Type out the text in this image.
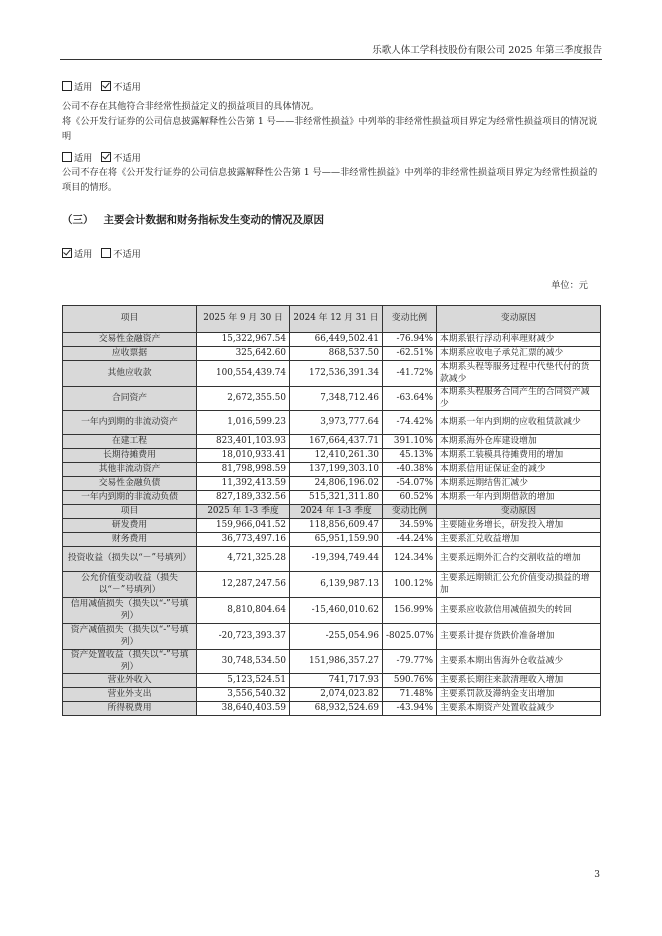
乐歌人体工学科技股份有限公司 2025 年第三季度报告
适用 不适用
公司不存在其他符合非经常性损益定义的损益项目的具体情况。
将《公开发行证券的公司信息披露解释性公告第 1 号——非经常性损益》中列举的非经常性损益项目界定为经常性损益项目的情况说明
适用 不适用
公司不存在将《公开发行证券的公司信息披露解释性公告第 1 号——非经常性损益》中列举的非经常性损益项目界定为经常性损益的项目的情形。
（三） 主要会计数据和财务指标发生变动的情况及原因
适用 不适用
单位：元
项目	2025 年 9 月 30 日	2024 年 12 月 31 日	变动比例	变动原因
交易性金融资产	15,322,967.54	66,449,502.41	-76.94%	本期系银行浮动利率理财减少
应收票据	325,642.60	868,537.50	-62.51%	本期系应收电子承兑汇票的减少
其他应收款	100,554,439.74	172,536,391.34	-41.72%	本期系头程等服务过程中代垫代付的货款减少
合同资产	2,672,355.50	7,348,712.46	-63.64%	本期系头程服务合同产生的合同资产减少
一年内到期的非流动资产	1,016,599.23	3,973,777.64	-74.42%	本期系一年内到期的应收租赁款减少
在建工程	823,401,103.93	167,664,437.71	391.10%	本期系海外仓库建设增加
长期待摊费用	18,010,933.41	12,410,261.30	45.13%	本期系工装模具待摊费用的增加
其他非流动资产	81,798,998.59	137,199,303.10	-40.38%	本期系信用证保证金的减少
交易性金融负债	11,392,413.59	24,806,196.02	-54.07%	本期系远期结售汇减少
一年内到期的非流动负债	827,189,332.56	515,321,311.80	60.52%	本期系一年内到期借款的增加
项目	2025 年 1-3 季度	2024 年 1-3 季度	变动比例	变动原因
研发费用	159,966,041.52	118,856,609.47	34.59%	主要随业务增长，研发投入增加
财务费用	36,773,497.16	65,951,159.90	-44.24%	主要系汇兑收益增加
投资收益（损失以“－”号填列）	4,721,325.28	-19,394,749.44	124.34%	主要系远期外汇合约交割收益的增加
公允价值变动收益（损失以“－”号填列）	12,287,247.56	6,139,987.13	100.12%	主要系远期锁汇公允价值变动损益的增加
信用减值损失（损失以“-”号填列）	8,810,804.64	-15,460,010.62	156.99%	主要系应收款信用减值损失的转回
资产减值损失（损失以“-”号填列）	-20,723,393.37	-255,054.96	-8025.07%	主要系计提存货跌价准备增加
资产处置收益（损失以“-”号填列）	30,748,534.50	151,986,357.27	-79.77%	主要系本期出售海外仓收益减少
营业外收入	5,123,524.51	741,717.93	590.76%	主要系长期往来款清理收入增加
营业外支出	3,556,540.32	2,074,023.82	71.48%	主要系罚款及滞纳金支出增加
所得税费用	38,640,403.59	68,932,524.69	-43.94%	主要系本期资产处置收益减少
3
